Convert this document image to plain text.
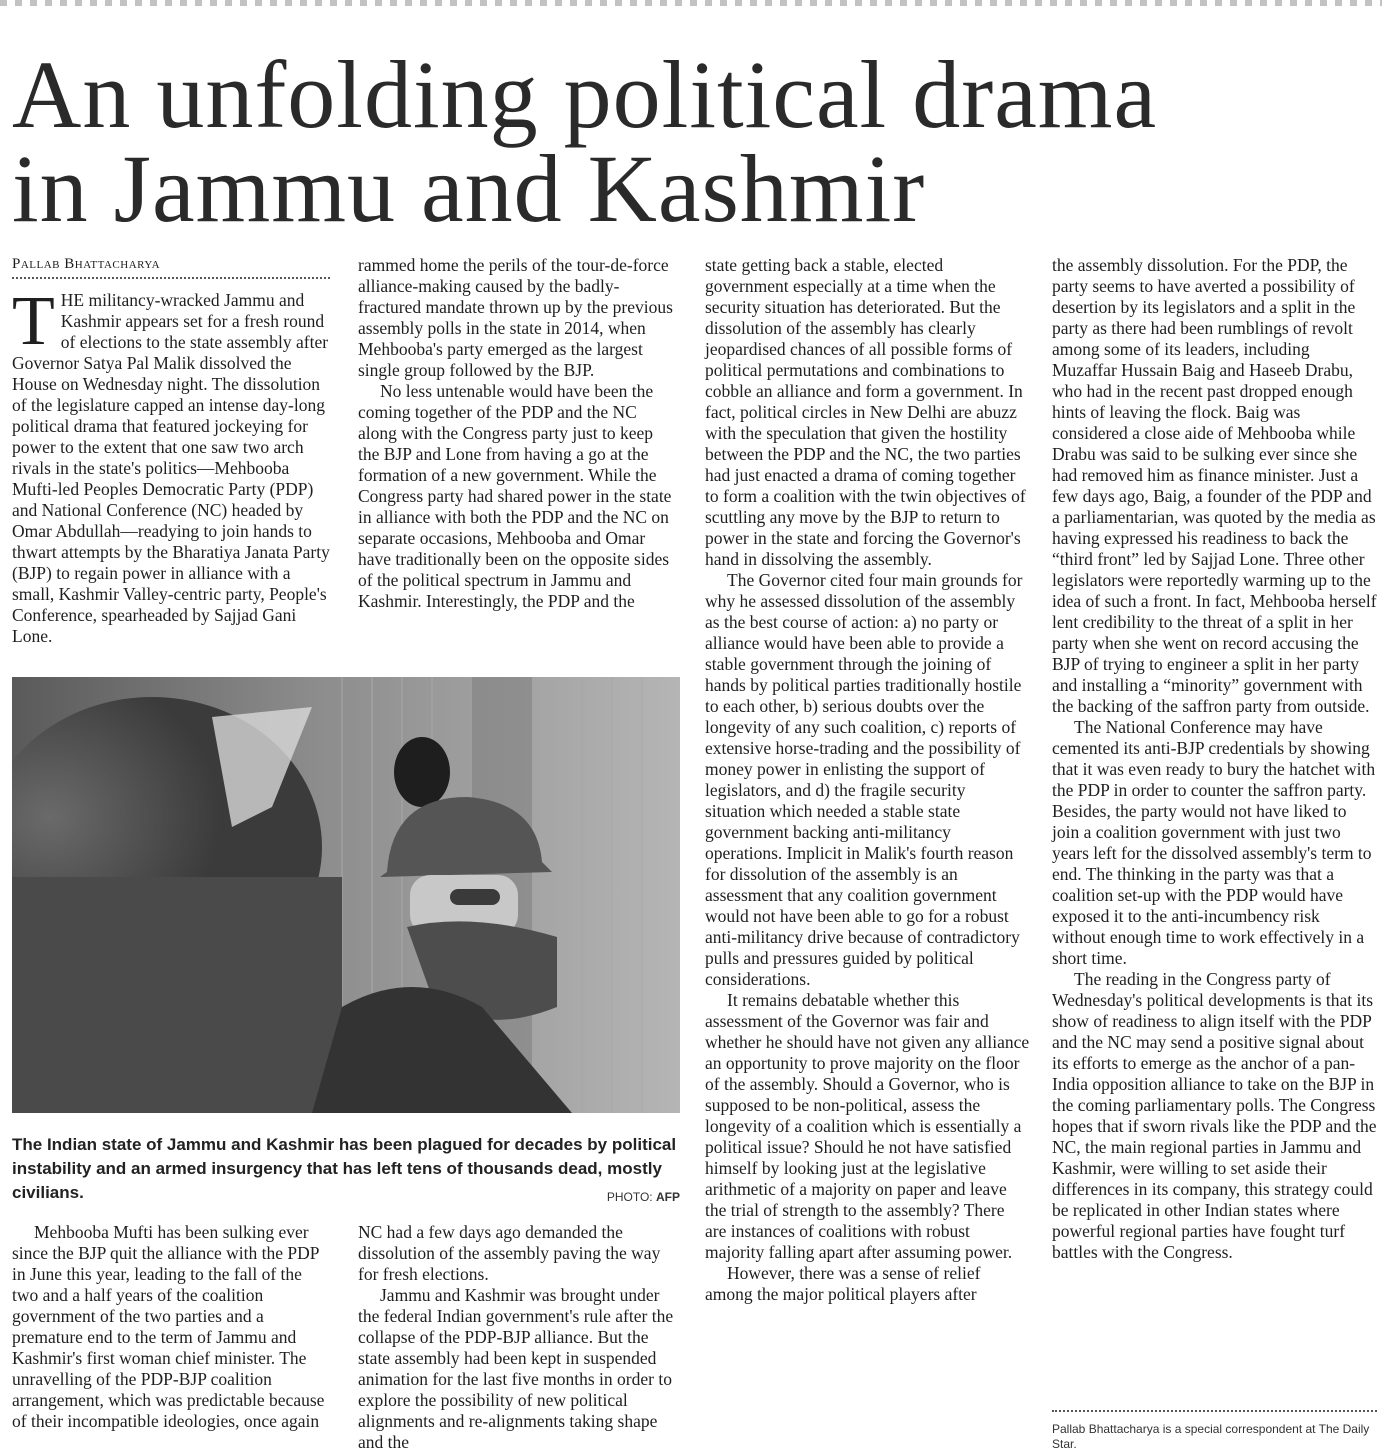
An unfolding political drama
in Jammu and Kashmir
Pallab Bhattacharya

THE militancy-wracked Jammu and Kashmir appears set for a fresh round of elections to the state assembly after Governor Satya Pal Malik dissolved the House on Wednesday night. The dissolution of the legislature capped an intense day-long political drama that featured jockeying for power to the extent that one saw two arch rivals in the state's politics—Mehbooba Mufti-led Peoples Democratic Party (PDP) and National Conference (NC) headed by Omar Abdullah—readying to join hands to thwart attempts by the Bharatiya Janata Party (BJP) to regain power in alliance with a small, Kashmir Valley-centric party, People's Conference, spearheaded by Sajjad Gani Lone.

rammed home the perils of the tour-de-force alliance-making caused by the badly-fractured mandate thrown up by the previous assembly polls in the state in 2014, when Mehbooba's party emerged as the largest single group followed by the BJP.

No less untenable would have been the coming together of the PDP and the NC along with the Congress party just to keep the BJP and Lone from having a go at the formation of a new government. While the Congress party had shared power in the state in alliance with both the PDP and the NC on separate occasions, Mehbooba and Omar have traditionally been on the opposite sides of the political spectrum in Jammu and Kashmir. Interestingly, the PDP and the

The Indian state of Jammu and Kashmir has been plagued for decades by political instability and an armed insurgency that has left tens of thousands dead, mostly civilians.	PHOTO: AFP

Mehbooba Mufti has been sulking ever since the BJP quit the alliance with the PDP in June this year, leading to the fall of the two and a half years of the coalition government of the two parties and a premature end to the term of Jammu and Kashmir's first woman chief minister. The unravelling of the PDP-BJP coalition arrangement, which was predictable because of their incompatible ideologies, once again

NC had a few days ago demanded the dissolution of the assembly paving the way for fresh elections.

Jammu and Kashmir was brought under the federal Indian government's rule after the collapse of the PDP-BJP alliance. But the state assembly had been kept in suspended animation for the last five months in order to explore the possibility of new political alignments and re-alignments taking shape and the

state getting back a stable, elected government especially at a time when the security situation has deteriorated. But the dissolution of the assembly has clearly jeopardised chances of all possible forms of political permutations and combinations to cobble an alliance and form a government. In fact, political circles in New Delhi are abuzz with the speculation that given the hostility between the PDP and the NC, the two parties had just enacted a drama of coming together to form a coalition with the twin objectives of scuttling any move by the BJP to return to power in the state and forcing the Governor's hand in dissolving the assembly.

The Governor cited four main grounds for why he assessed dissolution of the assembly as the best course of action: a) no party or alliance would have been able to provide a stable government through the joining of hands by political parties traditionally hostile to each other, b) serious doubts over the longevity of any such coalition, c) reports of extensive horse-trading and the possibility of money power in enlisting the support of legislators, and d) the fragile security situation which needed a stable state government backing anti-militancy operations. Implicit in Malik's fourth reason for dissolution of the assembly is an assessment that any coalition government would not have been able to go for a robust anti-militancy drive because of contradictory pulls and pressures guided by political considerations.

It remains debatable whether this assessment of the Governor was fair and whether he should have not given any alliance an opportunity to prove majority on the floor of the assembly. Should a Governor, who is supposed to be non-political, assess the longevity of a coalition which is essentially a political issue? Should he not have satisfied himself by looking just at the legislative arithmetic of a majority on paper and leave the trial of strength to the assembly? There are instances of coalitions with robust majority falling apart after assuming power.

However, there was a sense of relief among the major political players after

the assembly dissolution. For the PDP, the party seems to have averted a possibility of desertion by its legislators and a split in the party as there had been rumblings of revolt among some of its leaders, including Muzaffar Hussain Baig and Haseeb Drabu, who had in the recent past dropped enough hints of leaving the flock. Baig was considered a close aide of Mehbooba while Drabu was said to be sulking ever since she had removed him as finance minister. Just a few days ago, Baig, a founder of the PDP and a parliamentarian, was quoted by the media as having expressed his readiness to back the “third front” led by Sajjad Lone. Three other legislators were reportedly warming up to the idea of such a front. In fact, Mehbooba herself lent credibility to the threat of a split in her party when she went on record accusing the BJP of trying to engineer a split in her party and installing a “minority” government with the backing of the saffron party from outside.

The National Conference may have cemented its anti-BJP credentials by showing that it was even ready to bury the hatchet with the PDP in order to counter the saffron party. Besides, the party would not have liked to join a coalition government with just two years left for the dissolved assembly's term to end. The thinking in the party was that a coalition set-up with the PDP would have exposed it to the anti-incumbency risk without enough time to work effectively in a short time.

The reading in the Congress party of Wednesday's political developments is that its show of readiness to align itself with the PDP and the NC may send a positive signal about its efforts to emerge as the anchor of a pan-India opposition alliance to take on the BJP in the coming parliamentary polls. The Congress hopes that if sworn rivals like the PDP and the NC, the main regional parties in Jammu and Kashmir, were willing to set aside their differences in its company, this strategy could be replicated in other Indian states where powerful regional parties have fought turf battles with the Congress.

Pallab Bhattacharya is a special correspondent at The Daily Star.
